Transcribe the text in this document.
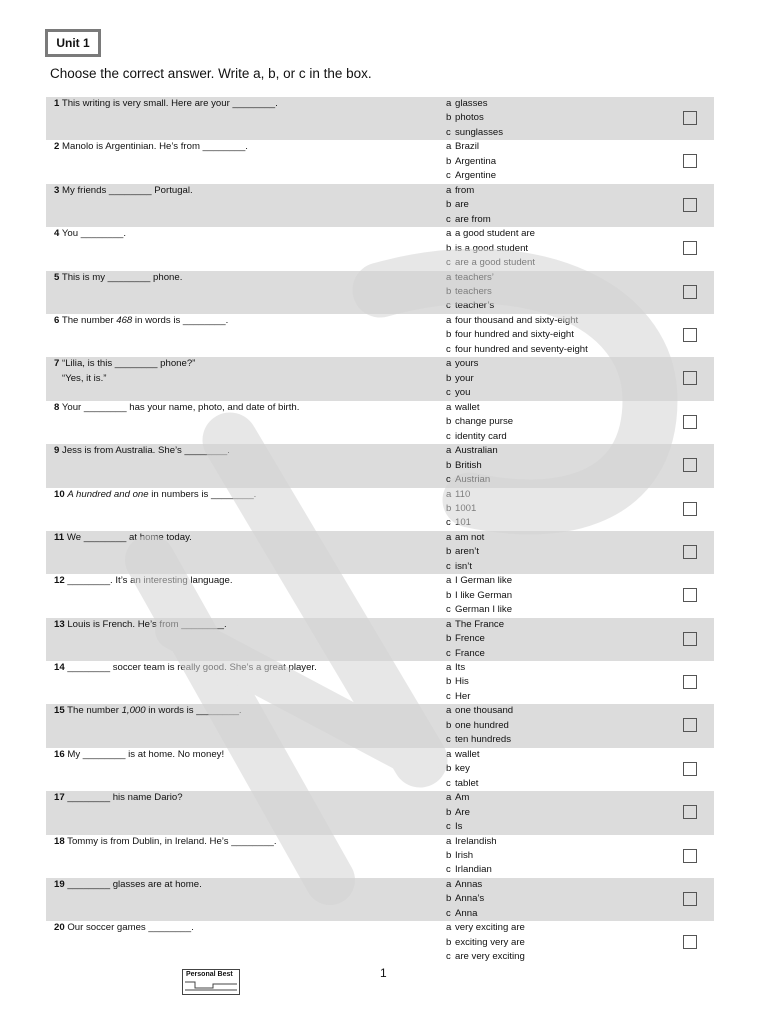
Unit 1
Choose the correct answer. Write a, b, or c in the box.
1 This writing is very small. Here are your ________.	a glasses
b photos
c sunglasses
2 Manolo is Argentinian. He’s from ________.	a Brazil
b Argentina
c Argentine
3 My friends ________ Portugal.	a from
b are
c are from
4 You ________.	a a good student are
b is a good student
c are a good student
5 This is my ________ phone.	a teachers’
b teachers
c teacher’s
6 The number 468 in words is ________.	a four thousand and sixty-eight
b four hundred and sixty-eight
c four hundred and seventy-eight
7 “Lilia, is this ________ phone?”
“Yes, it is.”
a yours
b your
c you
8 Your ________ has your name, photo, and date of birth.	a wallet
b change purse
c identity card
9 Jess is from Australia. She’s ________.	a Australian
b British
c Austrian
10 A hundred and one in numbers is ________.	a 110
b 1001
c 101
11 We ________ at home today.	a am not
b aren’t
c isn’t
12 ________. It’s an interesting language.	a I German like
b I like German
c German I like
13 Louis is French. He’s from ________.	a The France
b Frence
c France
14 ________ soccer team is really good. She’s a great player.	a Its
b His
c Her
15 The number 1,000 in words is ________.	a one thousand
b one hundred
c ten hundreds
16 My ________ is at home. No money!	a wallet
b key
c tablet
17 ________ his name Dario?	a Am
b Are
c Is
18 Tommy is from Dublin, in Ireland. He’s ________.	a Irelandish
b Irish
c Irlandian
19 ________ glasses are at home.	a Annas
b Anna’s
c Anna
20 Our soccer games ________.	a very exciting are
b exciting very are
c are very exciting
Personal Best	1
